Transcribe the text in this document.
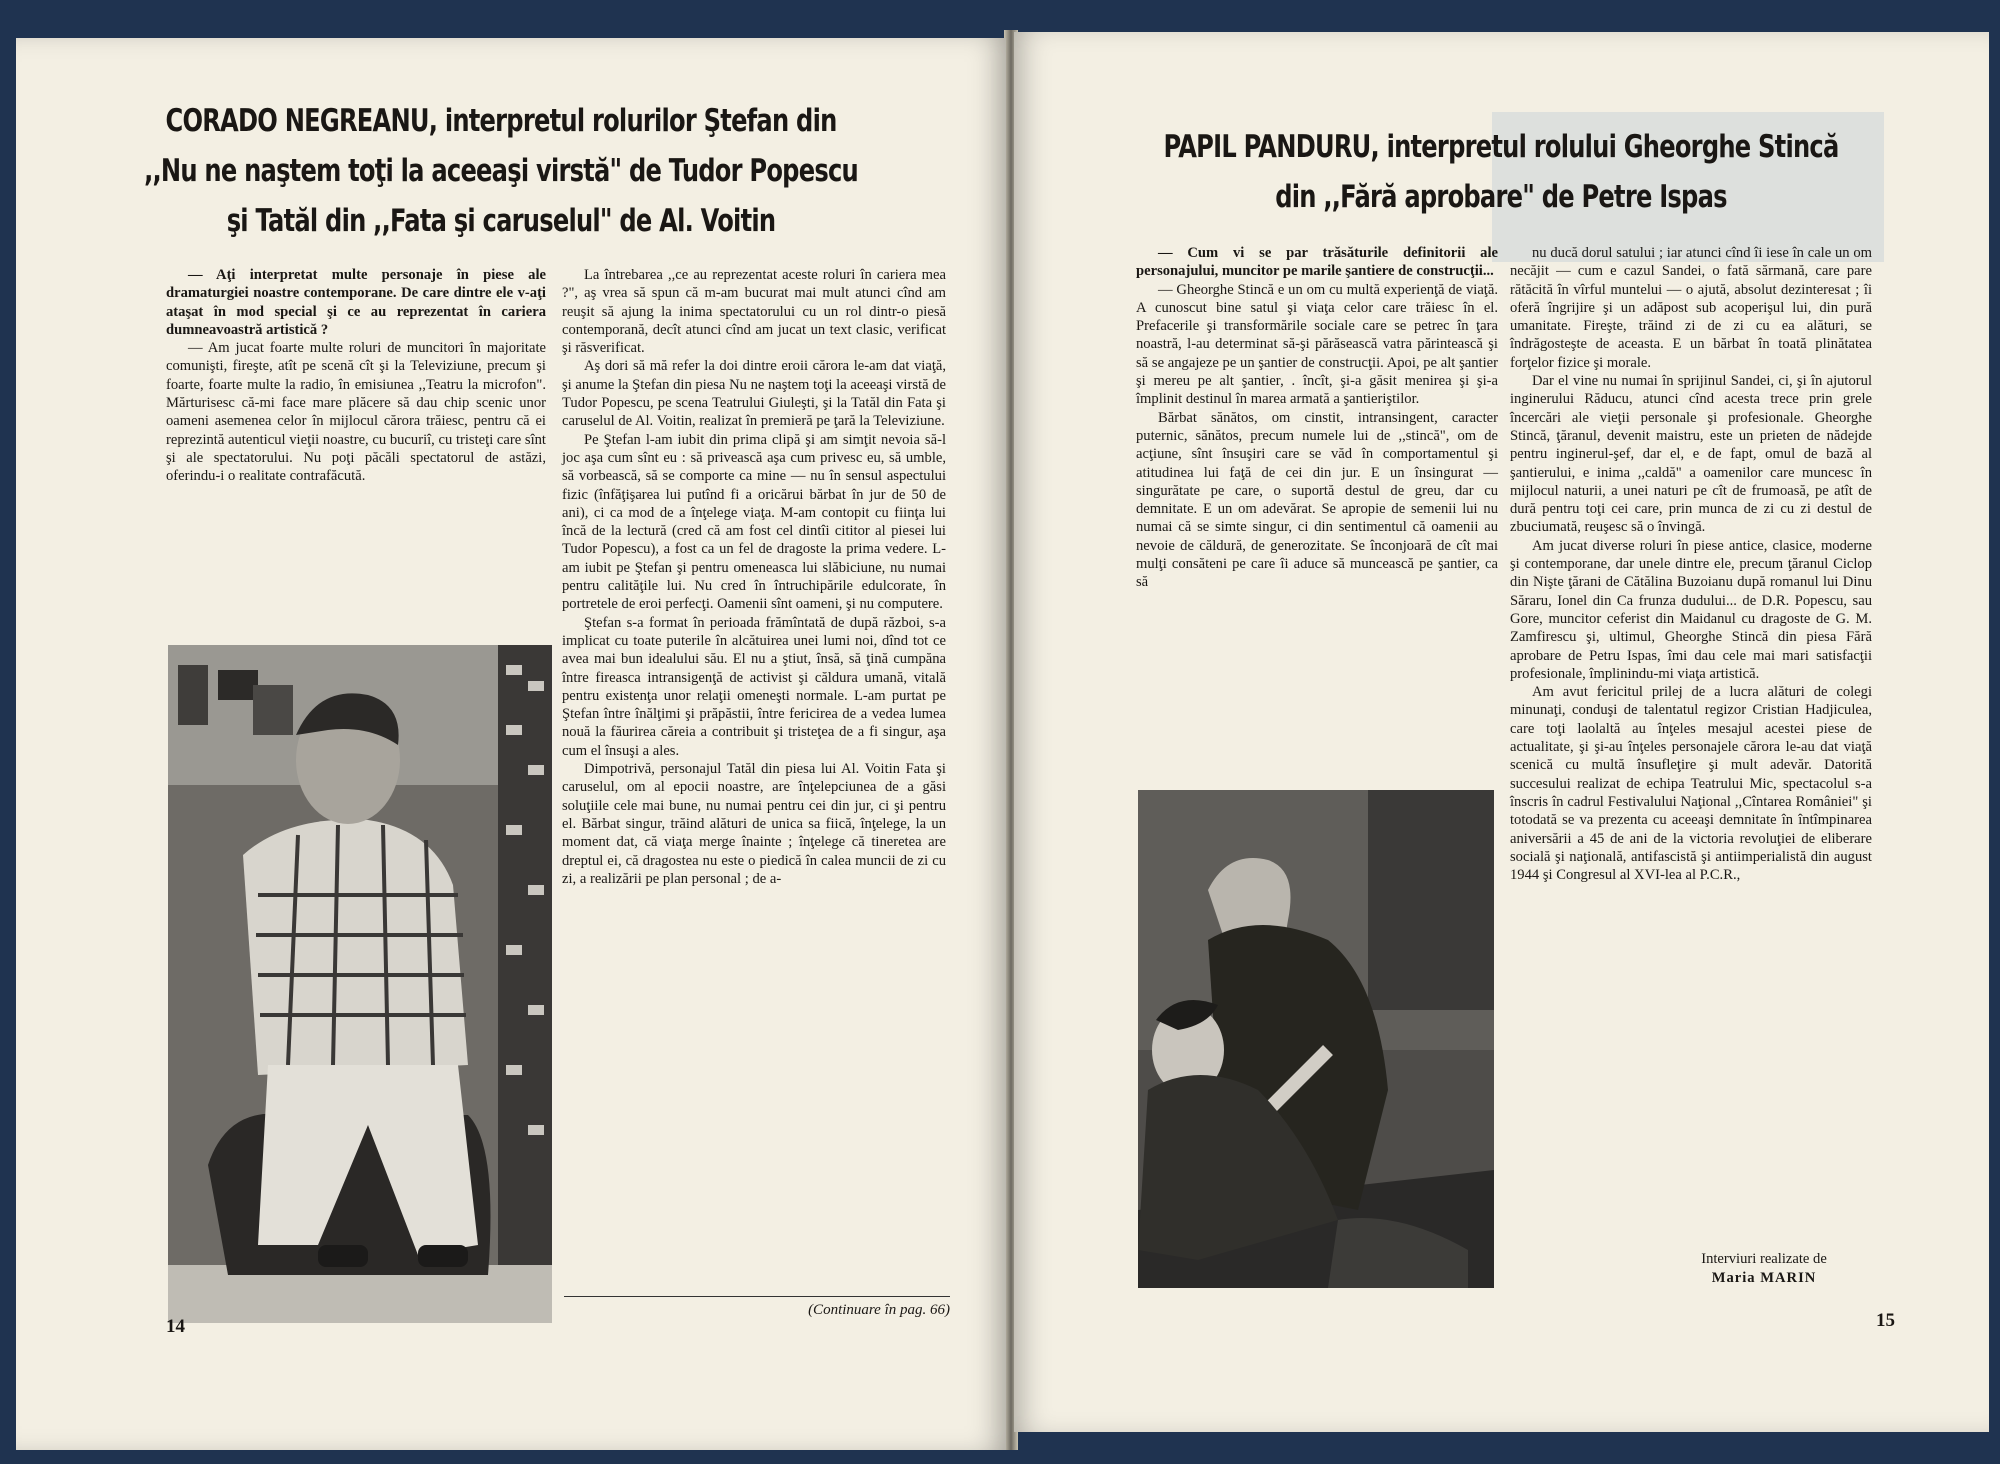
CORADO NEGREANU, interpretul rolurilor Ştefan din
,,Nu ne naştem toţi la aceeaşi virstă" de Tudor Popescu
şi Tatăl din ,,Fata şi caruselul" de Al. Voitin

— Aţi interpretat multe personaje în piese ale dramaturgiei noastre contemporane. De care dintre ele v-aţi ataşat în mod special şi ce au reprezentat în cariera dumneavoastră artistică ?

— Am jucat foarte multe roluri de muncitori în majoritate comunişti, fireşte, atît pe scenă cît şi la Televiziune, precum şi foarte, foarte multe la radio, în emisiunea ,,Teatru la microfon". Mărturisesc că-mi face mare plăcere să dau chip scenic unor oameni asemenea celor în mijlocul cărora trăiesc, pentru că ei reprezintă autenticul vieţii noastre, cu bucuriî, cu tristeţi care sînt şi ale spectatorului. Nu poţi păcăli spectatorul de astăzi, oferindu-i o realitate contrafăcută.

La întrebarea ,,ce au reprezentat aceste roluri în cariera mea ?", aş vrea să spun că m-am bucurat mai mult atunci cînd am reuşit să ajung la inima spectatorului cu un rol dintr-o piesă contemporană, decît atunci cînd am jucat un text clasic, verificat şi răsverificat.

Aş dori să mă refer la doi dintre eroii cărora le-am dat viaţă, şi anume la Ştefan din piesa Nu ne naştem toţi la aceeaşi virstă de Tudor Popescu, pe scena Teatrului Giuleşti, şi la Tatăl din Fata şi caruselul de Al. Voitin, realizat în premieră pe ţară la Televiziune.

Pe Ştefan l-am iubit din prima clipă şi am simţit nevoia să-l joc aşa cum sînt eu : să privească aşa cum privesc eu, să umble, să vorbească, să se comporte ca mine — nu în sensul aspectului fizic (înfăţişarea lui putînd fi a oricărui bărbat în jur de 50 de ani), ci ca mod de a înţelege viaţa. M-am contopit cu fiinţa lui încă de la lectură (cred că am fost cel dintîi cititor al piesei lui Tudor Popescu), a fost ca un fel de dragoste la prima vedere. L-am iubit pe Ştefan şi pentru omeneasca lui slăbiciune, nu numai pentru calităţile lui. Nu cred în întruchipările edulcorate, în portretele de eroi perfecţi. Oamenii sînt oameni, şi nu computere.

Ştefan s-a format în perioada frămîntată de după război, s-a implicat cu toate puterile în alcătuirea unei lumi noi, dînd tot ce avea mai bun idealului său. El nu a ştiut, însă, să ţină cumpăna între fireasca intransigenţă de activist şi căldura umană, vitală pentru existenţa unor relaţii omeneşti normale. L-am purtat pe Ştefan între înălţimi şi prăpăstii, între fericirea de a vedea lumea nouă la făurirea căreia a contribuit şi tristeţea de a fi singur, aşa cum el însuşi a ales.

Dimpotrivă, personajul Tatăl din piesa lui Al. Voitin Fata şi caruselul, om al epocii noastre, are înţelepciunea de a găsi soluţiile cele mai bune, nu numai pentru cei din jur, ci şi pentru el. Bărbat singur, trăind alături de unica sa fiică, înţelege, la un moment dat, că viaţa merge înainte ; înţelege că tineretea are dreptul ei, că dragostea nu este o piedică în calea muncii de zi cu zi, a realizării pe plan personal ; de a-

(Continuare în pag. 66)
14
PAPIL PANDURU, interpretul rolului Gheorghe Stincă
din ,,Fără aprobare" de Petre Ispas

— Cum vi se par trăsăturile definitorii ale personajului, muncitor pe marile şantiere de construcţii...

— Gheorghe Stincă e un om cu multă experienţă de viaţă. A cunoscut bine satul şi viaţa celor care trăiesc în el. Prefacerile şi transformările sociale care se petrec în ţara noastră, l-au determinat să-şi părăsească vatra părintească şi să se angajeze pe un şantier de construcţii. Apoi, pe alt şantier şi mereu pe alt şantier, . încît, şi-a găsit menirea şi şi-a împlinit destinul în marea armată a şantieriştilor.

Bărbat sănătos, om cinstit, intransingent, caracter puternic, sănătos, precum numele lui de ,,stincă", om de acţiune, sînt însuşiri care se văd în comportamentul şi atitudinea lui faţă de cei din jur. E un însingurat — singurătate pe care, o suportă destul de greu, dar cu demnitate. E un om adevărat. Se apropie de semenii lui nu numai că se simte singur, ci din sentimentul că oamenii au nevoie de căldură, de generozitate. Se înconjoară de cît mai mulţi consăteni pe care îi aduce să muncească pe şantier, ca să

nu ducă dorul satului ; iar atunci cînd îi iese în cale un om necăjit — cum e cazul Sandei, o fată sărmană, care pare rătăcită în vîrful muntelui — o ajută, absolut dezinteresat ; îi oferă îngrijire şi un adăpost sub acoperişul lui, din pură umanitate. Fireşte, trăind zi de zi cu ea alături, se îndrăgosteşte de aceasta. E un bărbat în toată plinătatea forţelor fizice şi morale.

Dar el vine nu numai în sprijinul Sandei, ci, şi în ajutorul inginerului Răducu, atunci cînd acesta trece prin grele încercări ale vieţii personale şi profesionale. Gheorghe Stincă, ţăranul, devenit maistru, este un prieten de nădejde pentru inginerul-şef, dar el, e de fapt, omul de bază al şantierului, e inima ,,caldă" a oamenilor care muncesc în mijlocul naturii, a unei naturi pe cît de frumoasă, pe atît de dură pentru toţi cei care, prin munca de zi cu zi destul de zbuciumată, reuşesc să o învingă.

Am jucat diverse roluri în piese antice, clasice, moderne şi contemporane, dar unele dintre ele, precum ţăranul Ciclop din Nişte ţărani de Cătălina Buzoianu după romanul lui Dinu Săraru, Ionel din Ca frunza dudului... de D.R. Popescu, sau Gore, muncitor ceferist din Maidanul cu dragoste de G. M. Zamfirescu şi, ultimul, Gheorghe Stincă din piesa Fără aprobare de Petru Ispas, îmi dau cele mai mari satisfacţii profesionale, împlinindu-mi viaţa artistică.

Am avut fericitul prilej de a lucra alături de colegi minunaţi, conduşi de talentatul regizor Cristian Hadjiculea, care toţi laolaltă au înţeles mesajul acestei piese de actualitate, şi şi-au înţeles personajele cărora le-au dat viaţă scenică cu multă însufleţire şi mult adevăr. Datorită succesului realizat de echipa Teatrului Mic, spectacolul s-a înscris în cadrul Festivalului Naţional ,,Cîntarea României" şi totodată se va prezenta cu aceeaşi demnitate în întîmpinarea aniversării a 45 de ani de la victoria revoluţiei de eliberare socială şi naţională, antifascistă şi antiimperialistă din august 1944 şi Congresul al XVI-lea al P.C.R.,

Interviuri realizate de
Maria MARIN
15
